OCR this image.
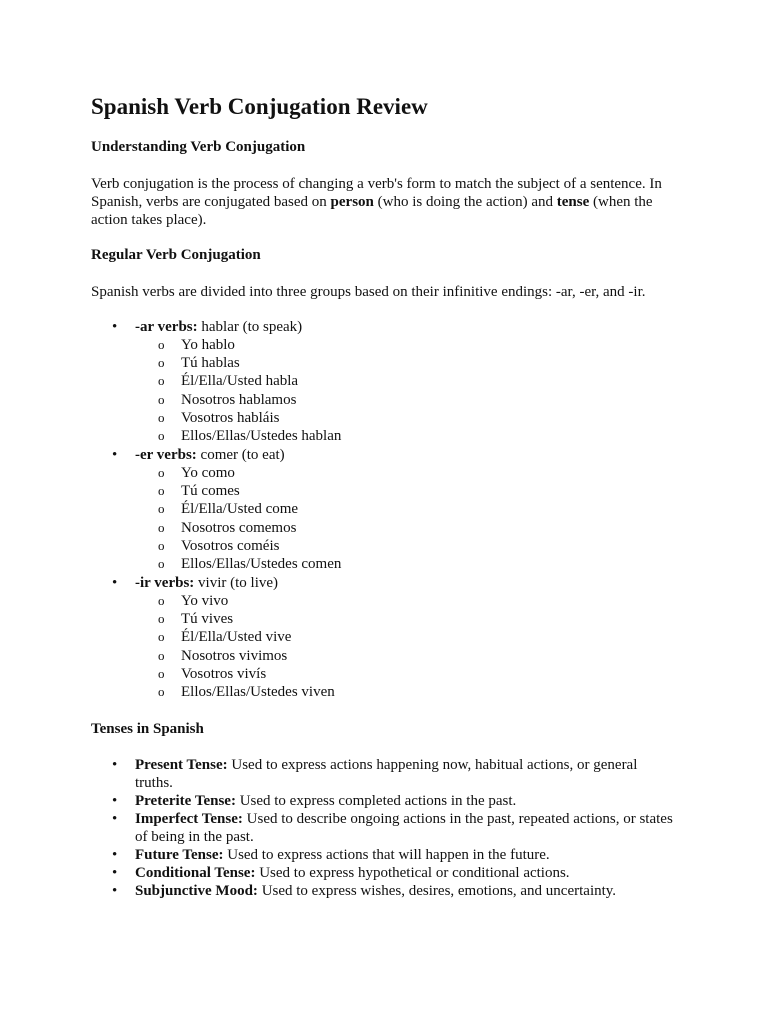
Spanish Verb Conjugation Review
Understanding Verb Conjugation
Verb conjugation is the process of changing a verb's form to match the subject of a sentence. In
Spanish, verbs are conjugated based on person (who is doing the action) and tense (when the
action takes place).
Regular Verb Conjugation
Spanish verbs are divided into three groups based on their infinitive endings: -ar, -er, and -ir.
• -ar verbs: hablar (to speak)
o Yo hablo
o Tú hablas
o Él/Ella/Usted habla
o Nosotros hablamos
o Vosotros habláis
o Ellos/Ellas/Ustedes hablan
• -er verbs: comer (to eat)
o Yo como
o Tú comes
o Él/Ella/Usted come
o Nosotros comemos
o Vosotros coméis
o Ellos/Ellas/Ustedes comen
• -ir verbs: vivir (to live)
o Yo vivo
o Tú vives
o Él/Ella/Usted vive
o Nosotros vivimos
o Vosotros vivís
o Ellos/Ellas/Ustedes viven
Tenses in Spanish
• Present Tense: Used to express actions happening now, habitual actions, or general
truths.
• Preterite Tense: Used to express completed actions in the past.
• Imperfect Tense: Used to describe ongoing actions in the past, repeated actions, or states
of being in the past.
• Future Tense: Used to express actions that will happen in the future.
• Conditional Tense: Used to express hypothetical or conditional actions.
• Subjunctive Mood: Used to express wishes, desires, emotions, and uncertainty.
